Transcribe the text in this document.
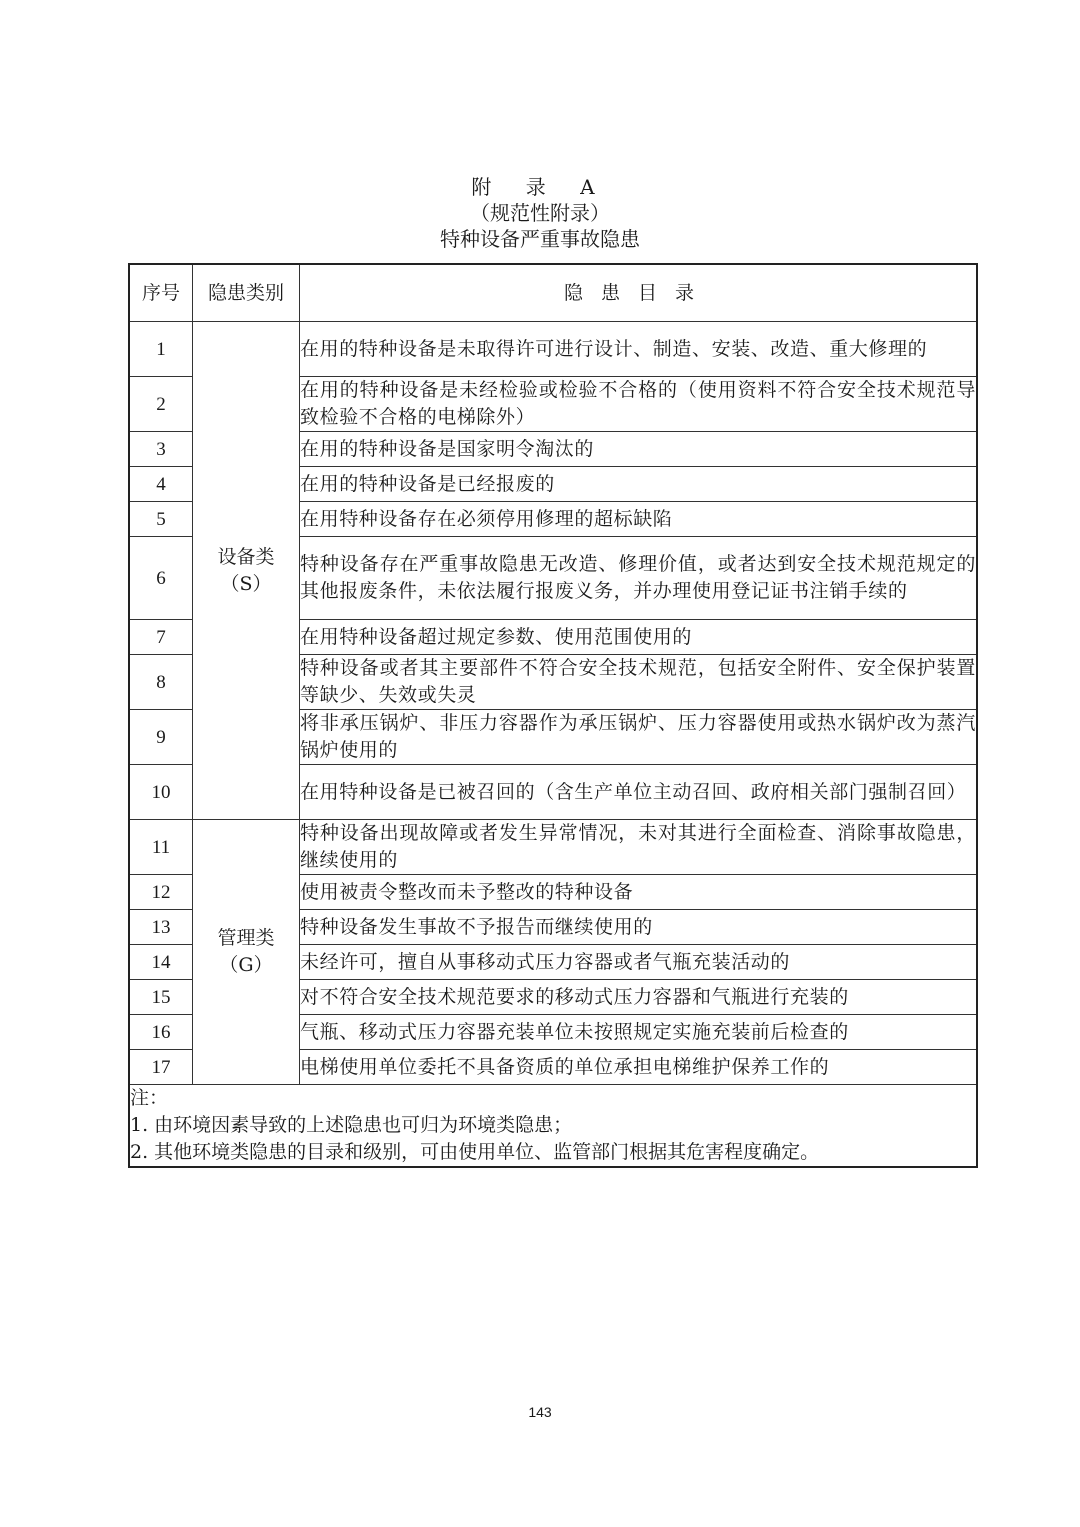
附 录 A
（规范性附录）
特种设备严重事故隐患
序号	隐患类别	隐患目录
1	设备类（S）	在用的特种设备是未取得许可进行设计、制造、安装、改造、重大修理的
2		在用的特种设备是未经检验或检验不合格的（使用资料不符合安全技术规范导致检验不合格的电梯除外）
3		在用的特种设备是国家明令淘汰的
4		在用的特种设备是已经报废的
5		在用特种设备存在必须停用修理的超标缺陷
6		特种设备存在严重事故隐患无改造、修理价值，或者达到安全技术规范规定的其他报废条件，未依法履行报废义务，并办理使用登记证书注销手续的
7		在用特种设备超过规定参数、使用范围使用的
8		特种设备或者其主要部件不符合安全技术规范，包括安全附件、安全保护装置等缺少、失效或失灵
9		将非承压锅炉、非压力容器作为承压锅炉、压力容器使用或热水锅炉改为蒸汽锅炉使用的
10		在用特种设备是已被召回的（含生产单位主动召回、政府相关部门强制召回）
11	管理类（G）	特种设备出现故障或者发生异常情况，未对其进行全面检查、消除事故隐患，继续使用的
12		使用被责令整改而未予整改的特种设备
13		特种设备发生事故不予报告而继续使用的
14		未经许可，擅自从事移动式压力容器或者气瓶充装活动的
15		对不符合安全技术规范要求的移动式压力容器和气瓶进行充装的
16		气瓶、移动式压力容器充装单位未按照规定实施充装前后检查的
17		电梯使用单位委托不具备资质的单位承担电梯维护保养工作的

注：
1. 由环境因素导致的上述隐患也可归为环境类隐患；
2. 其他环境类隐患的目录和级别，可由使用单位、监管部门根据其危害程度确定。		
143
